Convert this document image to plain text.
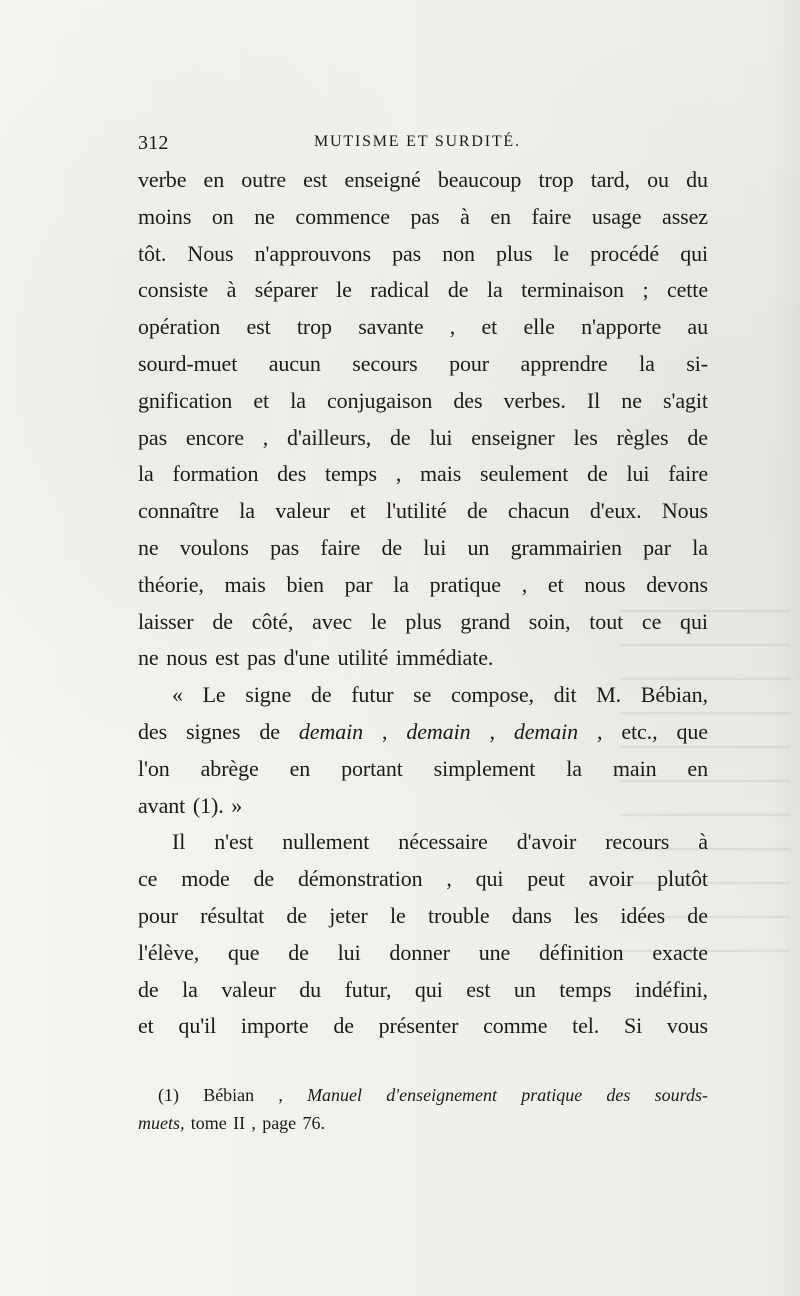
312	MUTISME ET SURDITÉ.
verbe en outre est enseigné beaucoup trop tard, ou du
moins on ne commence pas à en faire usage assez
tôt. Nous n'approuvons pas non plus le procédé qui
consiste à séparer le radical de la terminaison ; cette
opération est trop savante , et elle n'apporte au
sourd-muet aucun secours pour apprendre la si-
gnification et la conjugaison des verbes. Il ne s'agit
pas encore , d'ailleurs, de lui enseigner les règles de
la formation des temps , mais seulement de lui faire
connaître la valeur et l'utilité de chacun d'eux. Nous
ne voulons pas faire de lui un grammairien par la
théorie, mais bien par la pratique , et nous devons
laisser de côté, avec le plus grand soin, tout ce qui
ne nous est pas d'une utilité immédiate.
« Le signe de futur se compose, dit M. Bébian,
des signes de demain , demain , demain , etc., que
l'on abrège en portant simplement la main en
avant (1). »
Il n'est nullement nécessaire d'avoir recours à
ce mode de démonstration , qui peut avoir plutôt
pour résultat de jeter le trouble dans les idées de
l'élève, que de lui donner une définition exacte
de la valeur du futur, qui est un temps indéfini,
et qu'il importe de présenter comme tel. Si vous
(1) Bébian , Manuel d'enseignement pratique des sourds-
muets, tome II , page 76.
